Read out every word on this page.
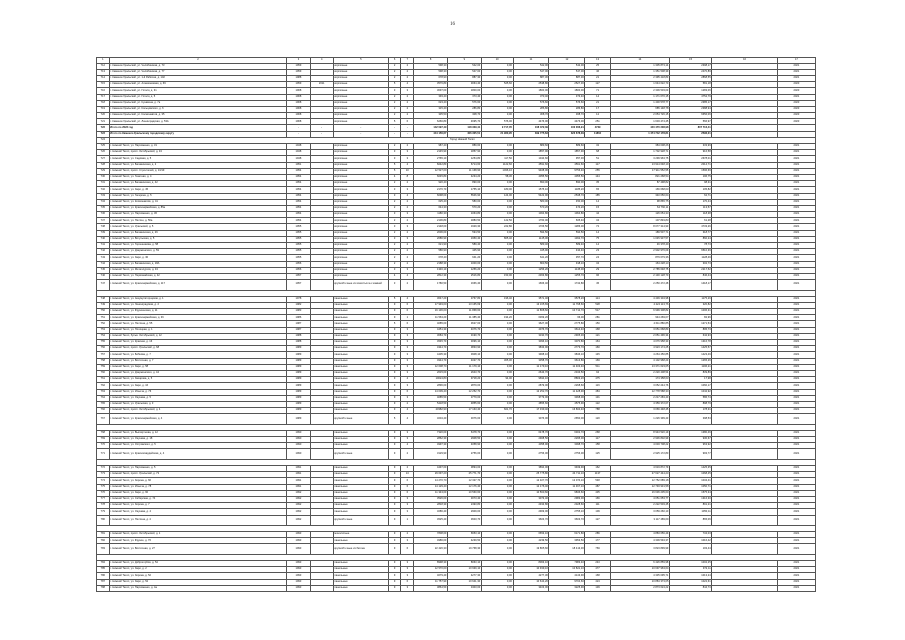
16
1	2	3	4	5	6	7	8	9	10	11	12	13	14	15	16	17
712	г. Каменск-Уральский, ул. Челябинская, д. 73	1959		кирпичные	2	2	598,30	542,00	0,00	542,00	542,00	25	1 305 873,14	2398,17		2021
713	г. Каменск-Уральский, ул. Челябинская, д. 77	1959		кирпичные	2	2	598,30	547,00	0,00	547,00	547,00	46	1 351 508,39	2470,89		2021
714	г. Каменск-Уральский, ул. 1-й Рабочая, д. 102	1988		кирпичные	2	2	678,90	887,30	0,00	887,30	887,30	21	2 395 418,83	2868,55		2021
715	г. Каменск-Уральский, ул. Алюминиевая, д. 69	1959	2011	кирпичные	5	4	3576,80	3064,40	525,60	2538,80	2527,30	127	1 644 622,70	581,18		2023
716	г. Каменск-Уральский, ул. Гоголя, д. 31	1968		кирпичные	3	3	3097,00	1800,00	0,00	1800,00	1800,00	71	2 309 503,03	1283,06		2023
717	г. Каменск-Уральский, ул. Гоголя, д. 5	1968		кирпичные	2	2	393,40	373,40	0,00	373,40	373,40	14	1 171 070,15	4752,79		2021
718	г. Каменск-Уральский, ул. Кунавина, д. 7а	1968		кирпичные	2	2	623,40	576,60	0,00	576,60	576,60	21	1 400 578,77	2385,17		2023
719	г. Каменск-Уральский, ул. Кольцовского, д. 6	1968		кирпичные	2	2	315,40	286,80	0,00	286,80	286,80	17	685 148,78	2388,94		2023
720	г. Каменск-Уральский, ул. Космонавтов, д. 35	1968		кирпичные	2	2	335,50	308,70	0,00	308,70	308,70	12	2 054 726,15	6656,06		2023
721	г. Каменск-Уральский, ул. Ленинградская, д. 53А	1968		кирпичные	5	6	6266,80	4695,70	576,00	4476,00	4476,00	251	1 603 474,45	566,97		2023
722	Итого по 2023 год	-	-	-	-	-	142 097,49	118 329,41	9 717,05	108 372,39	100 006,91	4739	440 470 208,98	807 716,41		
723	Итого по Каменск-Уральскому городскому округу	-	-	-	-	-	444 156,67	406 305,51	21 960,95	399 775,63	323 678,09	11864	1 474 742 178,81	2596,21		
724	Город Нижний Тагил															
725	г. Нижний Тагил, ул. Пархоменко, д. 31	1948		кирпичные	2	2	987,40	889,60	0,00	889,60	889,60	32	384 008,26	333,99		2021
726	г. Нижний Тагил, просп. Октябрьский, д. 34	1948		кирпичные	3	3	2145,90	1857,90	0,00	1857,90	1857,90	68	1 702 928,71	916,58		2021
727	г. Нижний Тагил, ул. Садовая, д. 5	1948		кирпичные	3	3	2765,10	1254,80	117,50	1044,60	957,30	51	3 299 963,75	2678,01		2021
728	г. Нижний Тагил, ул. Балакинская, д. 2	1951		кирпичные	5	4	8242,80	6714,60	1122,60	4591,60	4591,60	117	13 914 648,19	2014,71		2021
729	г. Нижний Тагил, просп. Строителей, д. 13/19	1954		кирпичные	5	10	12 527,00	11 168,90	1036,10	9408,00	9756,40	255	17 911 552,55	1596,69		2021
730	г. Нижний Тагил, ул. Газетная, д. 4	1954		кирпичные	4	8	6045,80	4234,20	58,30	4055,50	4055,50	144	821 268,54	196,75		2021
731	г. Нижний Тагил, ул. Балакинская, д. 42	1954		кирпичные	2	2	920,40	890,00	0,00	890,00	890,00	35	87 498,82	98,31		2021
732	г. Нижний Тагил, ул. Зари, д. 45	1954		кирпичные	3	3	2176,70	1755,10	180,00	1575,10	1185,20	65	166 668,03	105,82		2021
733	г. Нижний Тагил, ул. Гагарина, д. 5	1954		кирпичные	3	4	6098,00	5546,90	124,00	5422,90	2538,70	185	340 050,64	62,71		2021
734	г. Нижний Тагил, ул. Космонавтов, д. 41	1954		кирпичные	2	2	625,40	580,00	0,00	580,00	450,00	14	98 865,75	170,44		2021
735	г. Нижний Тагил, ул. Красноармейская, д. 85а	1954		кирпичные	2	2	644,30	570,20	0,00	570,20	474,20	15	64 760,11	113,57		2021
736	г. Нижний Тагил, ул. Пархоменко, д. 36	1954		кирпичные	3	3	1180,30	1064,80	0,00	1064,80	1064,80	44	126 054,33	118,38		2021
737	г. Нижний Тагил, ул. Пихтин, д. 56а	1954		кирпичные	2	2	2106,80	1883,50	122,50	1760,00	605,40	34	107 849,83	61,28		2021
738	г. Нижний Тагил, ул. Уральский, д. 5	1955		кирпичные	3	3	2148,00	1929,30	222,80	1706,50	1286,00	72	8 077 314,93	4733,26		2021
739	г. Нижний Тагил, ул. Балакинская, д. 26	1955		кирпичные	2	2	2006,00	594,50	0,00	594,50	594,50	14	189 507,71	318,77		2021
740	г. Нижний Тагил, ул. Вогульская, д. 5	1955		кирпичные	3	3	2086,90	1950,40	805,40	1145,00	1392,70	75	1 045 937,57	860,24		2021
741	г. Нижний Тагил, ул. Горошникова, д. 58	1955		кирпичные	2	2	621,90	589,40	0,00	589,40	589,40	14	46 378,49	78,73		2021
742	г. Нижний Тагил, ул. Дзержинского, д. 59	1955		кирпичные	2	2	586,90	445,90	0,00	445,90	434,40	23	2 902 976,09	6510,39		2021
743	г. Нижний Тагил, ул. Зари, д. 30	1955		кирпичные	2	2	678,40	641,20	0,00	641,20	357,70	24	879 679,36	1128,49		2021
744	г. Нижний Тагил, ул. Балакинская, д. 18А	1956		кирпичные	2	2	2188,30	1000,00	0,00	860,50	918,10	34	164 228,13	302,73		2021
745	г. Нижний Тагил, ул. Металлургов, д. 34	1956		кирпичные	3	3	1346,10	1256,20	0,00	1256,20	1145,00	29	2 785 648,75	2217,52		2021
746	г. Нижний Тагил, ул. Первомайская, д. 42	1957		кирпичные	4	4	2812,30	2516,80	153,00	2363,80	1255,70	96	2 130 128,70	846,44		2021
747	г. Нижний Тагил, ул. Красноармейская, д. 117	1957		крупнобл-чные из ячеистых м-х камней	3	2	1780,50	1666,40	0,00	1666,40	1742,80	45	2 250 472,48	1418,17		2021

748	г. Нижний Тагил, ул. Аккумуляторщиков, д. 1	1978		панельные	5	4	3647,20	3767,80	196,40	3571,40	3578,20	114	4 439 304,98	1175,26		2021
749	г. Нижний Тагил, ул. Ленинградская, д. 2	1982		панельные	9	6	17 949,00	13 165,69	0,00	13 165,69	11 768,60	528	4 224 113,76	320,82		2021
750	г. Нижний Тагил, ул. Фрунзенская, д. 11	1983		панельные	9	6	16 136,00	11 868,60	0,00	11 868,60	10 712,70	517	6 999 308,82	1006,31		2021
751	г. Нижний Тагил, ул. Красноармейская, д. 36	1986		панельные	9	1	11 563,20	11 385,40	194,20	6369,20	66,00	281	944 269,07	82,96		2021
752	г. Нижний Тагил, ул. Пихтина, д. 55	1987		панельные	5	6	4085,00	3627,00	0,00	3627,00	2775,80	150	4 611 880,85	1271,54		2021
753	г. Нижний Тагил, ул. Полоцкая, д. 1	1987		панельные	9	3	4451,30	4076,70	0,00	4076,70	3614,40	168	3 651 668,80	895,73		2021
754	г. Нижний Тагил, бульв. Октябрьский, д. 12	1988		панельные	9	3	3084,70	3190,70	0,00	3190,70	2905,30	121	2 051 496,34	642,93		2021
755	г. Нижний Тагил, ул. Красная, д. 16	1988		панельные	9	3	4545,70	3096,10	0,00	3096,10	3070,80	164	4 076 958,33	1316,78		2021
756	г. Нижний Тагил, просп. Уральский, д. 68	1989		панельные	9	3	4344,70	3833,90	0,00	3833,90	2773,70	160	4 923 174,25	1425,57		2021
757	г. Нижний Тагил, ул. Бобкова, д. 7	1989		панельные	9	3	4405,30	3908,10	0,00	3908,10	3846,10	145	4 264 450,85	1423,49		2021
758	г. Нижний Тагил, ул. Восточная, д. 7	1989		панельные	9	3	4944,70	4027,70	305,00	3358,70	3613,80	169	4 102 968,23	1265,26		2021
759	г. Нижний Тагил, ул. Зари, д. 58	1989		панельные	9	3	12 608,70	11 179,10	0,00	11 179,10	11 403,40	511	13 371 623,05	1196,21		2021
760	г. Нижний Тагил, ул. Дзержинского, д. 44	1989		панельные	9	3	2615,00	2643,70	0,00	2643,70	2343,50	94	2 220 408,54	839,89		2021
761	г. Нижний Тагил, ул. Захарова, д. 5	1989		панельные	9	4	10024,80	9718,20	94,00	9694,10	8803,20	475	174 358,63	17,98		2021
762	г. Нижний Тагил, ул. Зари, д. 16	1989		панельные	9	3	2896,00	2879,00	0,00	2879,00	2268,60	116	3 052 244,76	1060,17		2021
763	г. Нижний Тагил, ул. Ильича, д. 76	1989		панельные	9	6	14 009,40	12 252,70	0,00	12 252,70	11 428,90	484	12 778 588,30	1042,92		2021
764	г. Нижний Тагил, ул. Окунева, д. 5	1989		панельные	9	3	4085,50	3779,00	0,00	3779,00	3368,00	131	2 217 283,40	586,74		2021
765	г. Нижний Тагил, ул. Уральская, д. 3	1989		панельные	9	2	5418,50	4855,60	0,00	4855,60	4575,90	122	4 359 372,07	898,79		2021
766	г. Нижний Тагил, просп. Октябрьский, д. 4	1989		панельные	9	4	20382,90	17 163,40	601,70	17 339,40	16 804,40	788	3 066 448,45	178,31		2021
767	г. Нижний Тагил, ул. Красноармейская, д. 4	1989		крупнобл-чные	5	4	3204,40	3076,00	0,00	3076,00	2650,00	120	1 226 399,43	398,53		2021

768	г. Нижний Тагил, ул. Выгвиртнова, д. 12	1990		панельные	9	3	7320,00	6478,70	0,00	6478,70	6302,70	268	8 943 520,19	1380,46		2021
769	г. Нижний Тагил, ул. Окунева, д. 18	1990		панельные	9	3	2862,30	2908,50	0,00	2908,50	2295,00	117	2 936 802,99	930,67		2021
770	г. Нижний Тагил, ул. Островского, д. 5	1990		панельные	9	4	4997,30	4058,90	0,00	4058,90	3098,70	158	4 003 708,22	963,92		2021
771	г. Нижний Тагил, ул. Красногвардейская, д. 4	1990		крупнобл-чные	9	2	3129,90	2756,00	0,00	2756,00	2756,00	125	2 925 172,80	993,77		2021

772	г. Нижний Тагил, ул. Пархоменко, д. 5	1991		панельные	9	2	4497,60	3894,00	0,00	3894,00	3949,90	162	4 619 872,79	1425,35		2021
773	г. Нижний Тагил, просп. Уральский, д. 73	1991		панельные	9	13	29 697,20	25 771,70	0,00	25 775,80	24 711,10	1137	27 627 444,23	1068,45		2021
774	г. Нижний Тагил, ул. Зорина, д. 66	1991		панельные	9	6	14 270,70	12 327,70	0,00	12 327,70	12 074,10	548	12 752 089,18	1034,41		2021
775	г. Нижний Тагил, ул. Ильича, д. 78	1991		панельные	9	6	14 129,40	12 176,40	0,00	12 176,40	11 467,10	487	12 793 931,58	1050,71		2021
776	г. Нижний Тагил, ул. Зари, д. 60	1992		панельные	9	6	11 343,00	10 560,60	0,00	10 560,60	9836,60	435	16 636 205,60	1575,34		2021
777	г. Нижний Тагил, ул. Сибирская, д. 74	1992		панельные	9	3	3526,00	3073,40	0,00	3073,40	2983,00	166	4 051 653,77	1316,30		2021
778	г. Нижний Тагил, ул. Зорина, д. 7	1992		панельные	9	3	2818,30	2493,80	0,00	2493,80	2328,60	111	2 222 503,45	891,21		2021
779	г. Нижний Тагил, ул. Окунева, д. 4	1992		панельные	9	3	3286,40	2909,00	0,00	2909,00	2755,10	109	3 059 260,10	1050,11		2021
780	г. Нижний Тагил, ул. Пихтина, д. 4	1992		крупнобл-чные	9	1	4525,40	3603,70	0,00	3603,70	3603,70	127	3 117 489,69	865,06		2021

781	г. Нижний Тагил, просп. Октябрьский, д. 1	1993		монолитные	9	2	7808,60	6653,10	0,00	6653,10	6171,80	286	4 883 656,49	734,03		2021
782	г. Нижний Тагил, ул. Фрунзе, д. 76	1993		панельные	9	3	4986,00	4239,50	0,00	4239,50	3953,50	177	4 309 594,37	1016,42		2021
783	г. Нижний Тагил, ул. Восточная, д. 27	1993		крупнобл-чные из бетона	9	6	22 426,30	19 768,30	0,00	19 865,60	18 413,30	769	3 823 899,99	193,44		2021

784	г. Нижний Тагил, ул. Доброгорбов, д. 54	1993		панельные	9	3	8998,30	8063,10	0,00	8063,10	7983,40	243	6 426 859,98	1002,25		2021
785	г. Нижний Тагил, ул. Зари, д. 2	1993		панельные	9	3	12 570,00	10 939,10	0,00	10 939,10	10 821,10	477	10 697 963,64	972,11		2021
786	г. Нижний Тагил, ул. Зорина, д. 52	1993		панельные	9	3	4679,40	4277,30	0,00	4277,30	4143,90	168	4 335 095,71	1013,24		2021
787	г. Нижний Тагил, ул. Зари, д. 52	1993		панельные	9	6	11 757,90	10 641,30	0,00	10 644,20	9704,60	424	10 884 373,05	1022,61		2021
788	г. Нижний Тагил, ул. Пархоменко, д. 4а	1993		панельные	9	3	3864,50	3403,00	0,00	3403,00	3225,90	139	2 873 624,22	844,73		2021
